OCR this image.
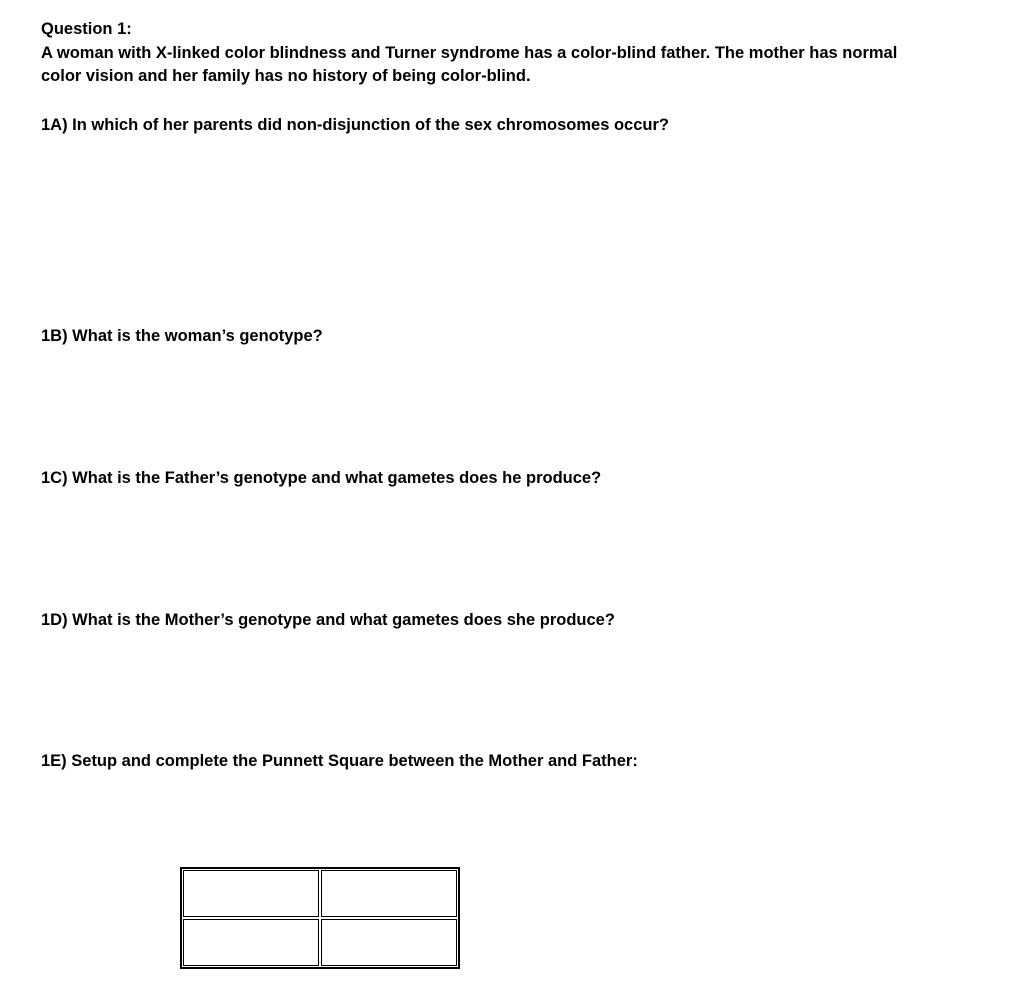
Question 1:
A woman with X-linked color blindness and Turner syndrome has a color-blind father. The mother has normal color vision and her family has no history of being color-blind.
1A) In which of her parents did non-disjunction of the sex chromosomes occur?
1B) What is the woman’s genotype?
1C) What is the Father’s genotype and what gametes does he produce?
1D) What is the Mother’s genotype and what gametes does she produce?
1E) Setup and complete the Punnett Square between the Mother and Father:
